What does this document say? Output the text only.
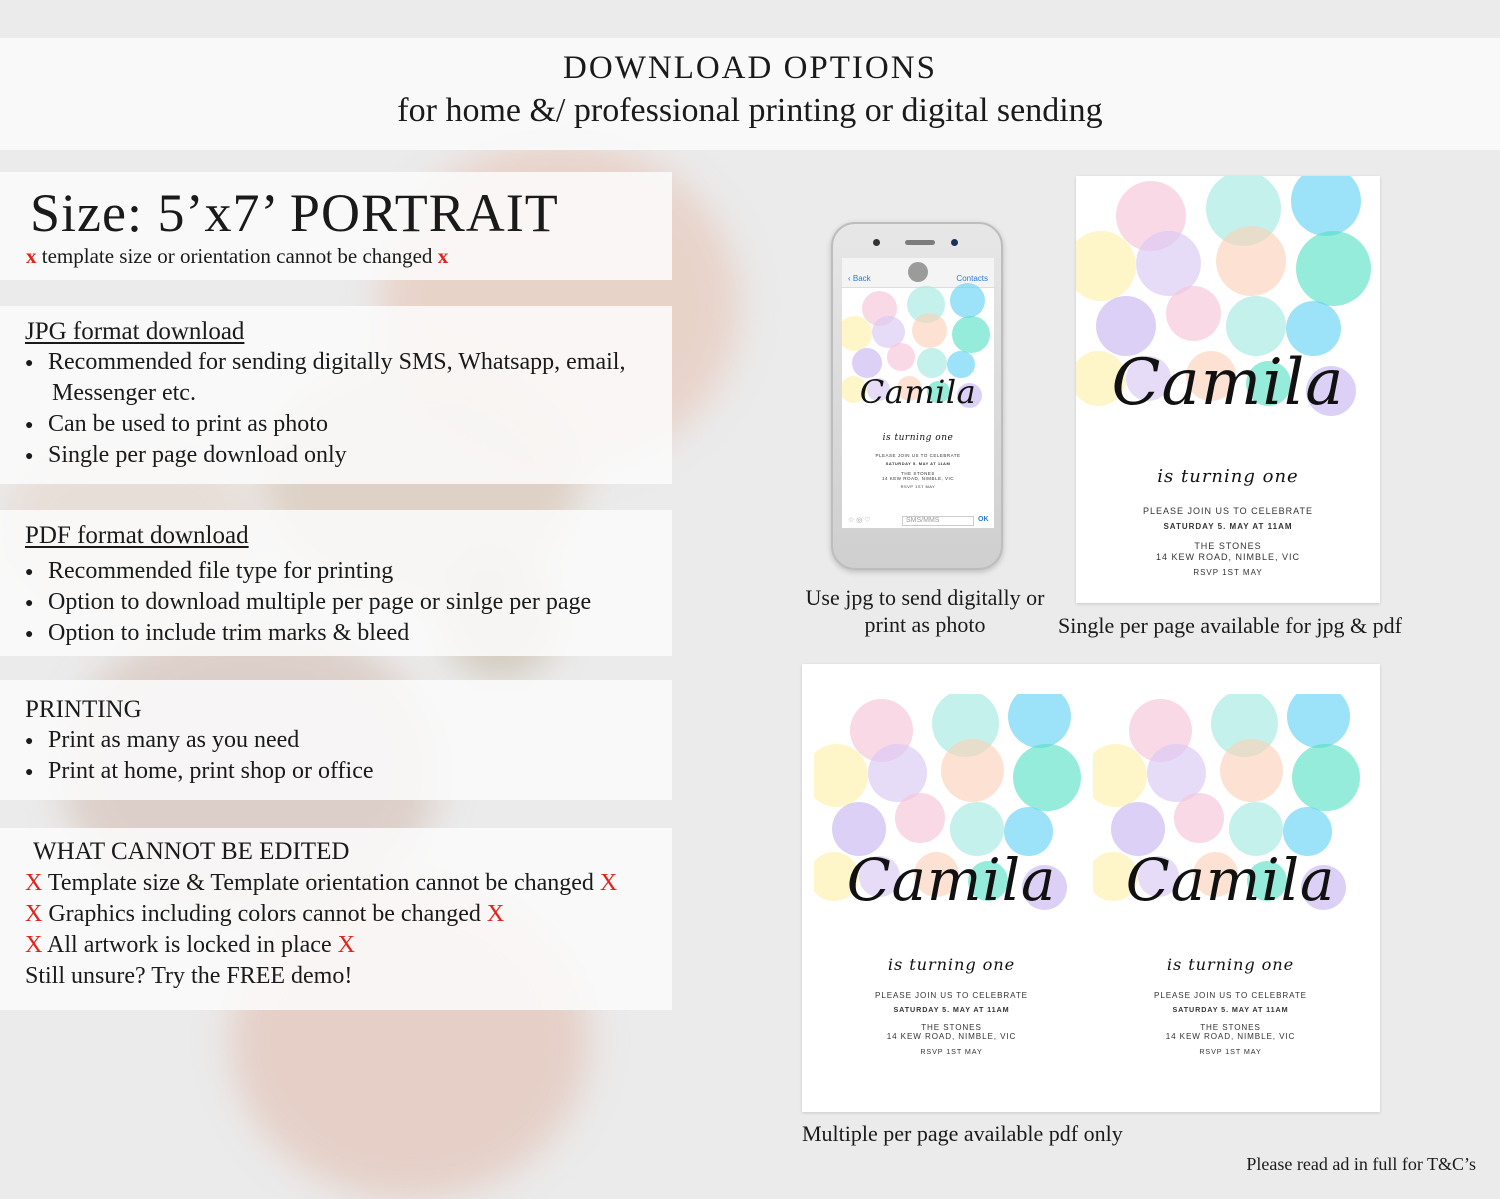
DOWNLOAD OPTIONS
for home &/ professional printing or digital sending
Size: 5’x7’ PORTRAIT
x template size or orientation cannot be changed x
JPG format download
● Recommended for sending digitally SMS, Whatsapp, email,
Messenger etc.
● Can be used to print as photo
● Single per page download only
PDF format download
● Recommended file type for printing
● Option to download multiple per page or sinlge per page
● Option to include trim marks & bleed
PRINTING
● Print as many as you need
● Print at home, print shop or office
WHAT CANNOT BE EDITED
X Template size & Template orientation cannot be changed X
X Graphics including colors cannot be changed X
X All artwork is locked in place X
Still unsure? Try the FREE demo!
‹ Back	Contacts
Camila
is turning one
PLEASE JOIN US TO CELEBRATE
SATURDAY 5. MAY AT 11AM
THE STONES
14 KEW ROAD, NIMBLE, VIC
RSVP 1ST MAY
☆ ◎ ♡	SMS/MMS	OK
Camila
is turning one
PLEASE JOIN US TO CELEBRATE
SATURDAY 5. MAY AT 11AM
THE STONES
14 KEW ROAD, NIMBLE, VIC
RSVP 1ST MAY
Camila
is turning one
PLEASE JOIN US TO CELEBRATE
SATURDAY 5. MAY AT 11AM
THE STONES
14 KEW ROAD, NIMBLE, VIC
RSVP 1ST MAY
Camila
is turning one
PLEASE JOIN US TO CELEBRATE
SATURDAY 5. MAY AT 11AM
THE STONES
14 KEW ROAD, NIMBLE, VIC
RSVP 1ST MAY
Use jpg to send digitally or print as photo	Single per page available for jpg & pdf
Multiple per page available pdf only
Please read ad in full for T&C’s
